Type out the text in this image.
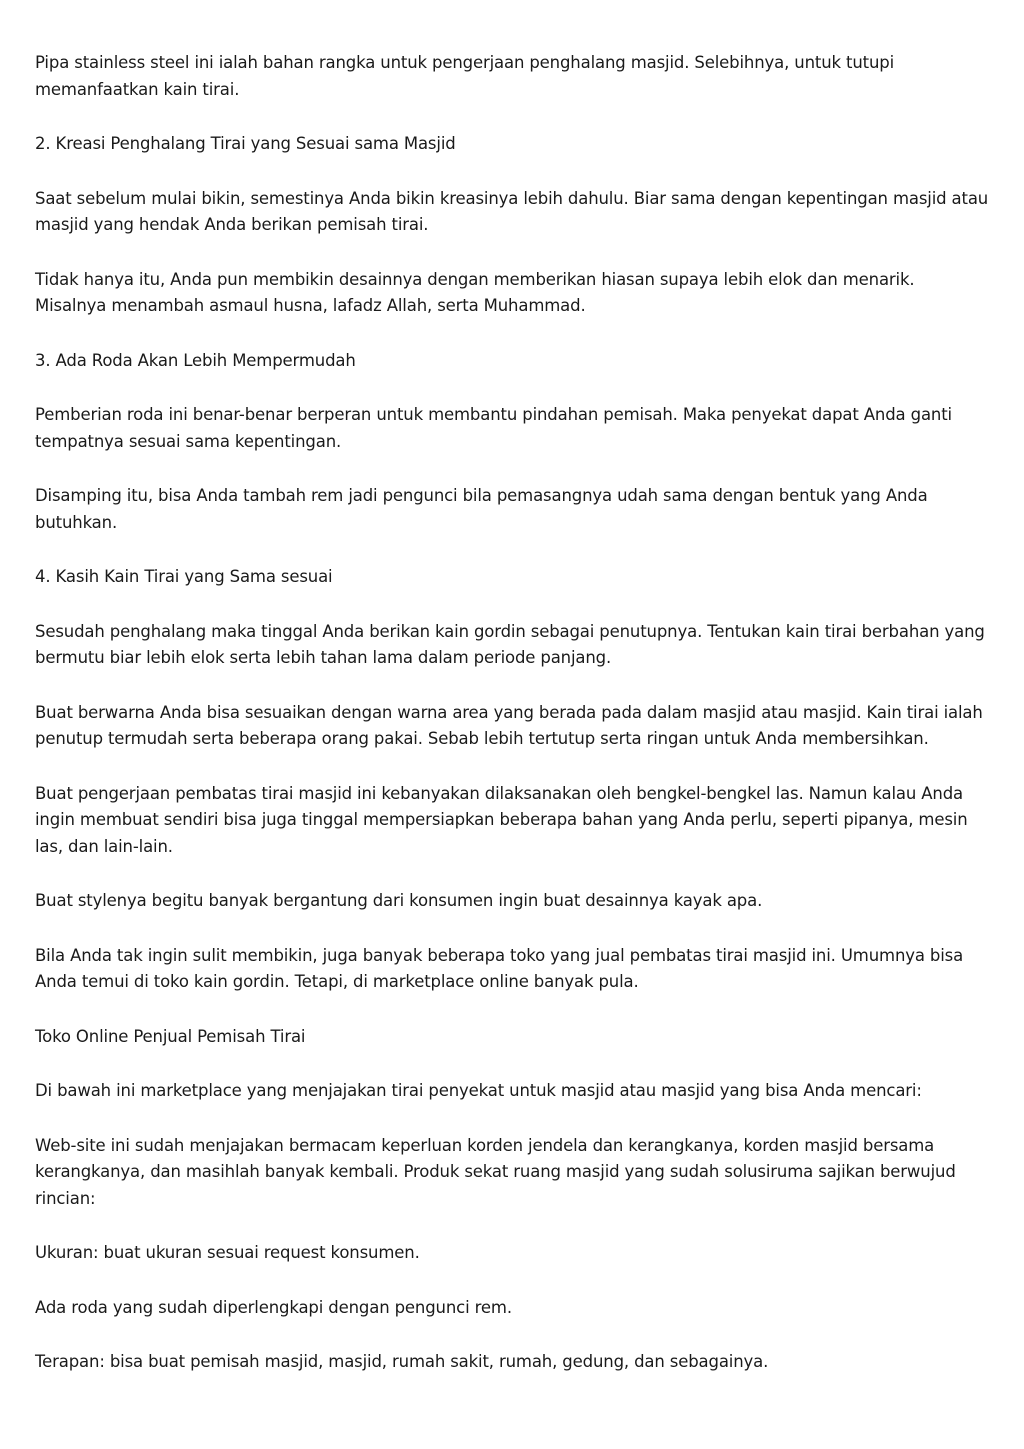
Pipa stainless steel ini ialah bahan rangka untuk pengerjaan penghalang masjid. Selebihnya, untuk tutupi memanfaatkan kain tirai.

2. Kreasi Penghalang Tirai yang Sesuai sama Masjid

Saat sebelum mulai bikin, semestinya Anda bikin kreasinya lebih dahulu. Biar sama dengan kepentingan masjid atau masjid yang hendak Anda berikan pemisah tirai.

Tidak hanya itu, Anda pun membikin desainnya dengan memberikan hiasan supaya lebih elok dan menarik. Misalnya menambah asmaul husna, lafadz Allah, serta Muhammad.

3. Ada Roda Akan Lebih Mempermudah

Pemberian roda ini benar-benar berperan untuk membantu pindahan pemisah. Maka penyekat dapat Anda ganti tempatnya sesuai sama kepentingan.

Disamping itu, bisa Anda tambah rem jadi pengunci bila pemasangnya udah sama dengan bentuk yang Anda butuhkan.

4. Kasih Kain Tirai yang Sama sesuai

Sesudah penghalang maka tinggal Anda berikan kain gordin sebagai penutupnya. Tentukan kain tirai berbahan yang bermutu biar lebih elok serta lebih tahan lama dalam periode panjang.

Buat berwarna Anda bisa sesuaikan dengan warna area yang berada pada dalam masjid atau masjid. Kain tirai ialah penutup termudah serta beberapa orang pakai. Sebab lebih tertutup serta ringan untuk Anda membersihkan.

Buat pengerjaan pembatas tirai masjid ini kebanyakan dilaksanakan oleh bengkel-bengkel las. Namun kalau Anda ingin membuat sendiri bisa juga tinggal mempersiapkan beberapa bahan yang Anda perlu, seperti pipanya, mesin las, dan lain-lain.

Buat stylenya begitu banyak bergantung dari konsumen ingin buat desainnya kayak apa.

Bila Anda tak ingin sulit membikin, juga banyak beberapa toko yang jual pembatas tirai masjid ini. Umumnya bisa Anda temui di toko kain gordin. Tetapi, di marketplace online banyak pula.

Toko Online Penjual Pemisah Tirai

Di bawah ini marketplace yang menjajakan tirai penyekat untuk masjid atau masjid yang bisa Anda mencari:

Web-site ini sudah menjajakan bermacam keperluan korden jendela dan kerangkanya, korden masjid bersama kerangkanya, dan masihlah banyak kembali. Produk sekat ruang masjid yang sudah solusiruma sajikan berwujud rincian:

Ukuran: buat ukuran sesuai request konsumen.

Ada roda yang sudah diperlengkapi dengan pengunci rem.

Terapan: bisa buat pemisah masjid, masjid, rumah sakit, rumah, gedung, dan sebagainya.
